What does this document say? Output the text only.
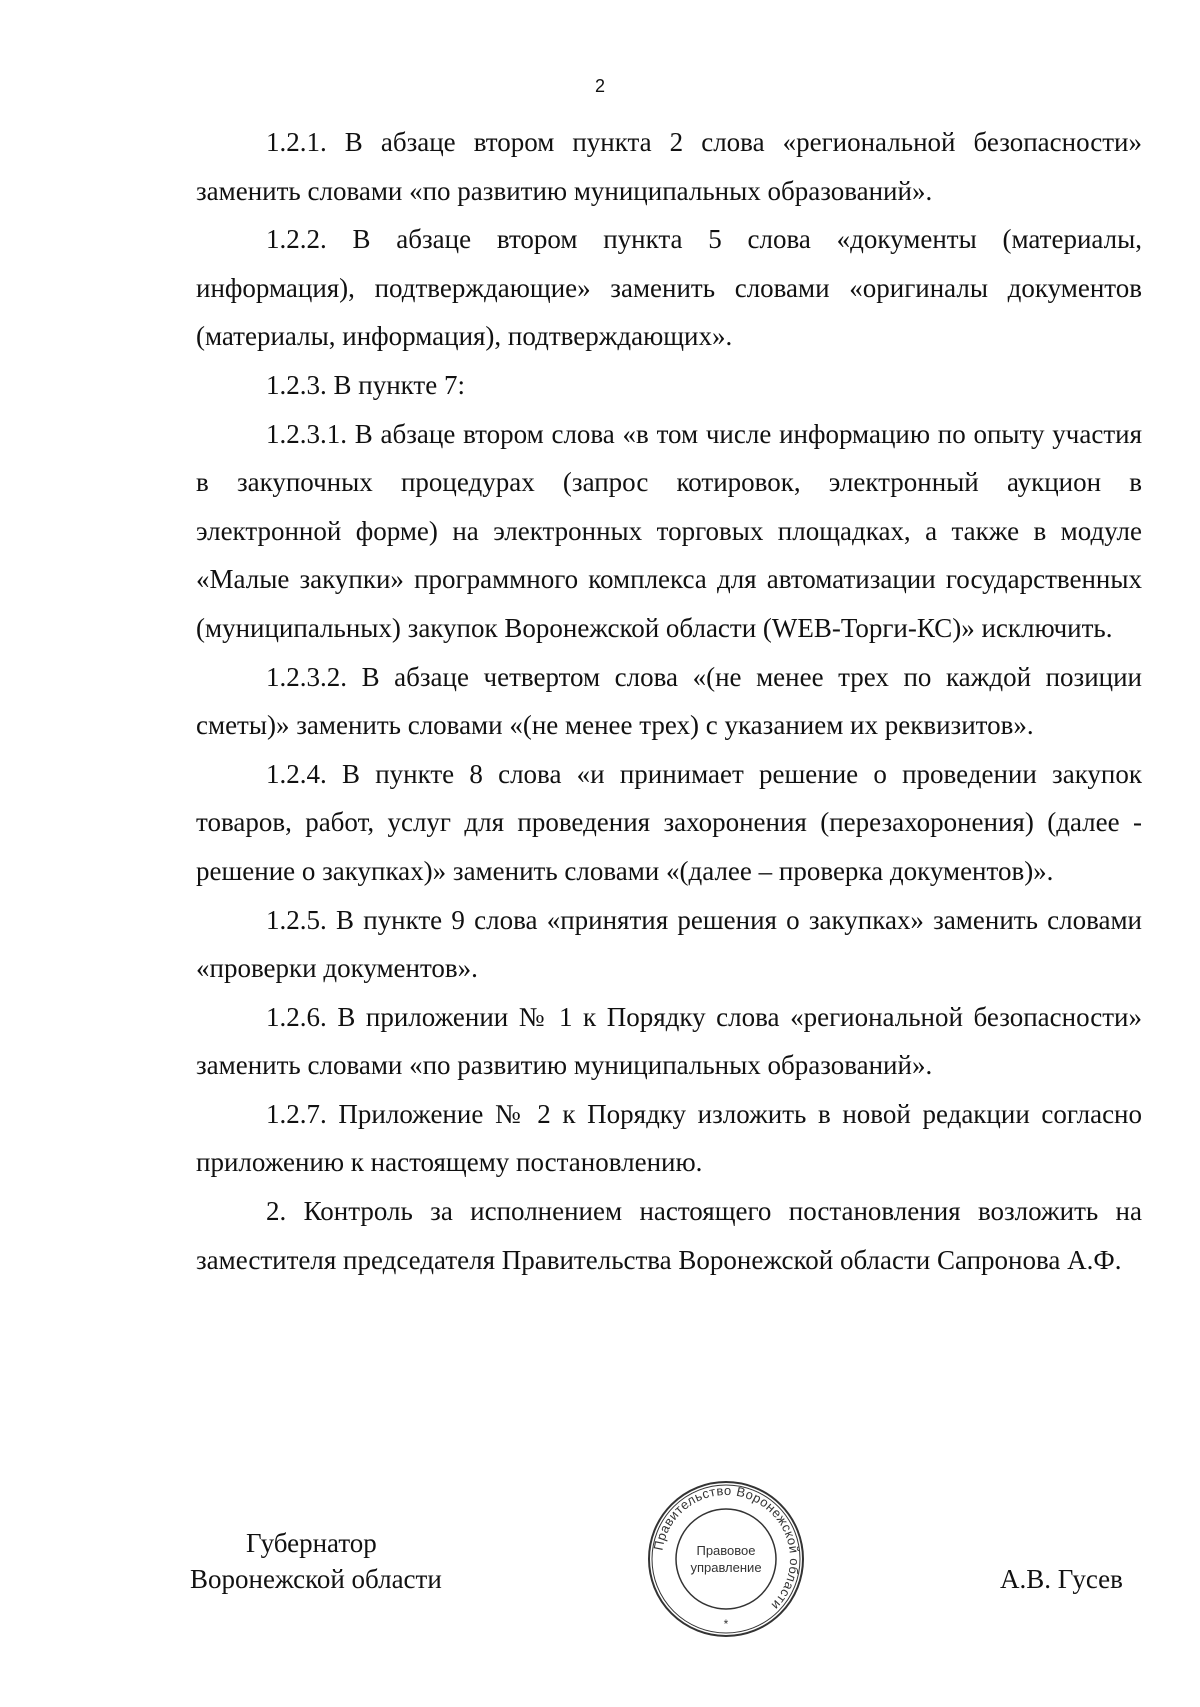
2

1.2.1. В абзаце втором пункта 2 слова «региональной безопасности» заменить словами «по развитию муниципальных образований».

1.2.2. В абзаце втором пункта 5 слова «документы (материалы, информация), подтверждающие» заменить словами «оригиналы документов (материалы, информация), подтверждающих».

1.2.3. В пункте 7:

1.2.3.1. В абзаце втором слова «в том числе информацию по опыту участия в закупочных процедурах (запрос котировок, электронный аукцион в электронной форме) на электронных торговых площадках, а также в модуле «Малые закупки» программного комплекса для автоматизации государственных (муниципальных) закупок Воронежской области (WEB-Торги-КС)» исключить.

1.2.3.2. В абзаце четвертом слова «(не менее трех по каждой позиции сметы)» заменить словами «(не менее трех) с указанием их реквизитов».

1.2.4. В пункте 8 слова «и принимает решение о проведении закупок товаров, работ, услуг для проведения захоронения (перезахоронения) (далее - решение о закупках)» заменить словами «(далее – проверка документов)».

1.2.5. В пункте 9 слова «принятия решения о закупках» заменить словами «проверки документов».

1.2.6. В приложении № 1 к Порядку слова «региональной безопасности» заменить словами «по развитию муниципальных образований».

1.2.7. Приложение № 2 к Порядку изложить в новой редакции согласно приложению к настоящему постановлению.

2. Контроль за исполнением настоящего постановления возложить на заместителя председателя Правительства Воронежской области Сапронова А.Ф.

Губернатор
Воронежской области	А.В. Гусев
Правительство Воронежской области
Правовое
управление
*
